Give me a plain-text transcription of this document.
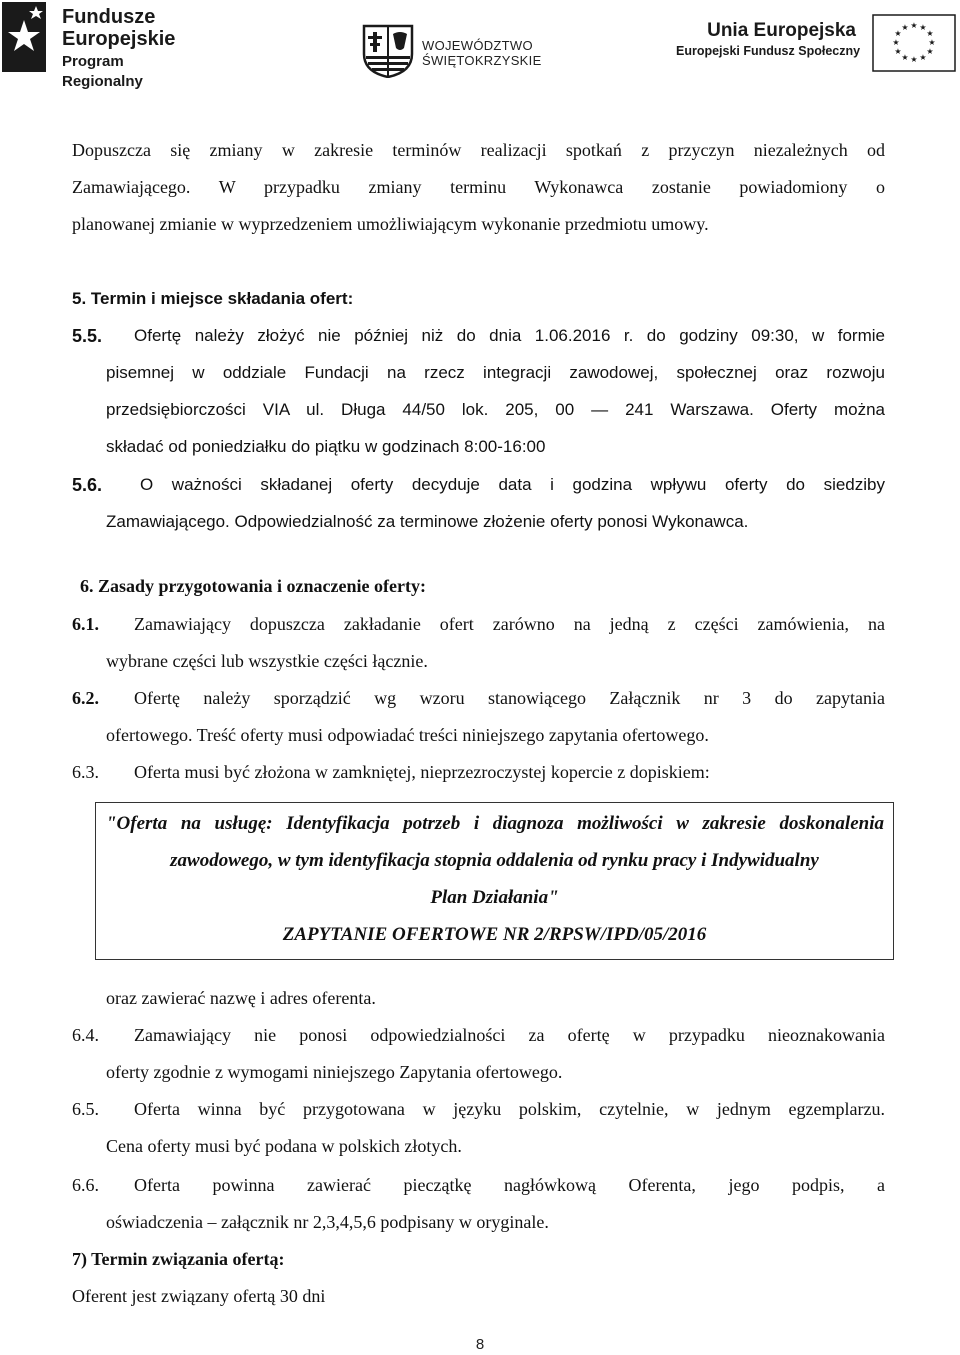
Fundusze
Europejskie
Program Regionalny
WOJEWÓDZTWO
ŚWIĘTOKRZYSKIE
Unia Europejska
Europejski Fundusz Społeczny
★ ★
★
★
★
★
★
★
★
★
★
★
Dopuszcza się zmiany w zakresie terminów realizacji spotkań z przyczyn niezależnych od
Zamawiającego. W przypadku zmiany terminu Wykonawca zostanie powiadomiony o
planowanej zmianie w wyprzedzeniem umożliwiającym wykonanie przedmiotu umowy.
5. Termin i miejsce składania ofert:
5.5. Ofertę należy złożyć nie później niż do dnia 1.06.2016 r. do godziny 09:30, w formie
pisemnej w oddziale Fundacji na rzecz integracji zawodowej, społecznej oraz rozwoju
przedsiębiorczości VIA ul. Długa 44/50 lok. 205, 00 — 241 Warszawa. Oferty można
składać od poniedziałku do piątku w godzinach 8:00-16:00
5.6. O ważności składanej oferty decyduje data i godzina wpływu oferty do siedziby
Zamawiającego. Odpowiedzialność za terminowe złożenie oferty ponosi Wykonawca.
6. Zasady przygotowania i oznaczenie oferty:
6.1. Zamawiający dopuszcza zakładanie ofert zarówno na jedną z części zamówienia, na
wybrane części lub wszystkie części łącznie.
6.2. Ofertę należy sporządzić wg wzoru stanowiącego Załącznik nr 3 do zapytania
ofertowego. Treść oferty musi odpowiadać treści niniejszego zapytania ofertowego.
6.3. Oferta musi być złożona w zamkniętej, nieprzezroczystej kopercie z dopiskiem:
"Oferta na usługę: Identyfikacja potrzeb i diagnoza możliwości w zakresie doskonalenia
zawodowego, w tym identyfikacja stopnia oddalenia od rynku pracy i Indywidualny
Plan Działania"
ZAPYTANIE OFERTOWE NR 2/RPSW/IPD/05/2016
oraz zawierać nazwę i adres oferenta.
6.4. Zamawiający nie ponosi odpowiedzialności za ofertę w przypadku nieoznakowania
oferty zgodnie z wymogami niniejszego Zapytania ofertowego.
6.5. Oferta winna być przygotowana w języku polskim, czytelnie, w jednym egzemplarzu.
Cena oferty musi być podana w polskich złotych.
6.6. Oferta powinna zawierać pieczątkę nagłówkową Oferenta, jego podpis, a
oświadczenia – załącznik nr 2,3,4,5,6 podpisany w oryginale.
7) Termin związania ofertą:
Oferent jest związany ofertą 30 dni
8
